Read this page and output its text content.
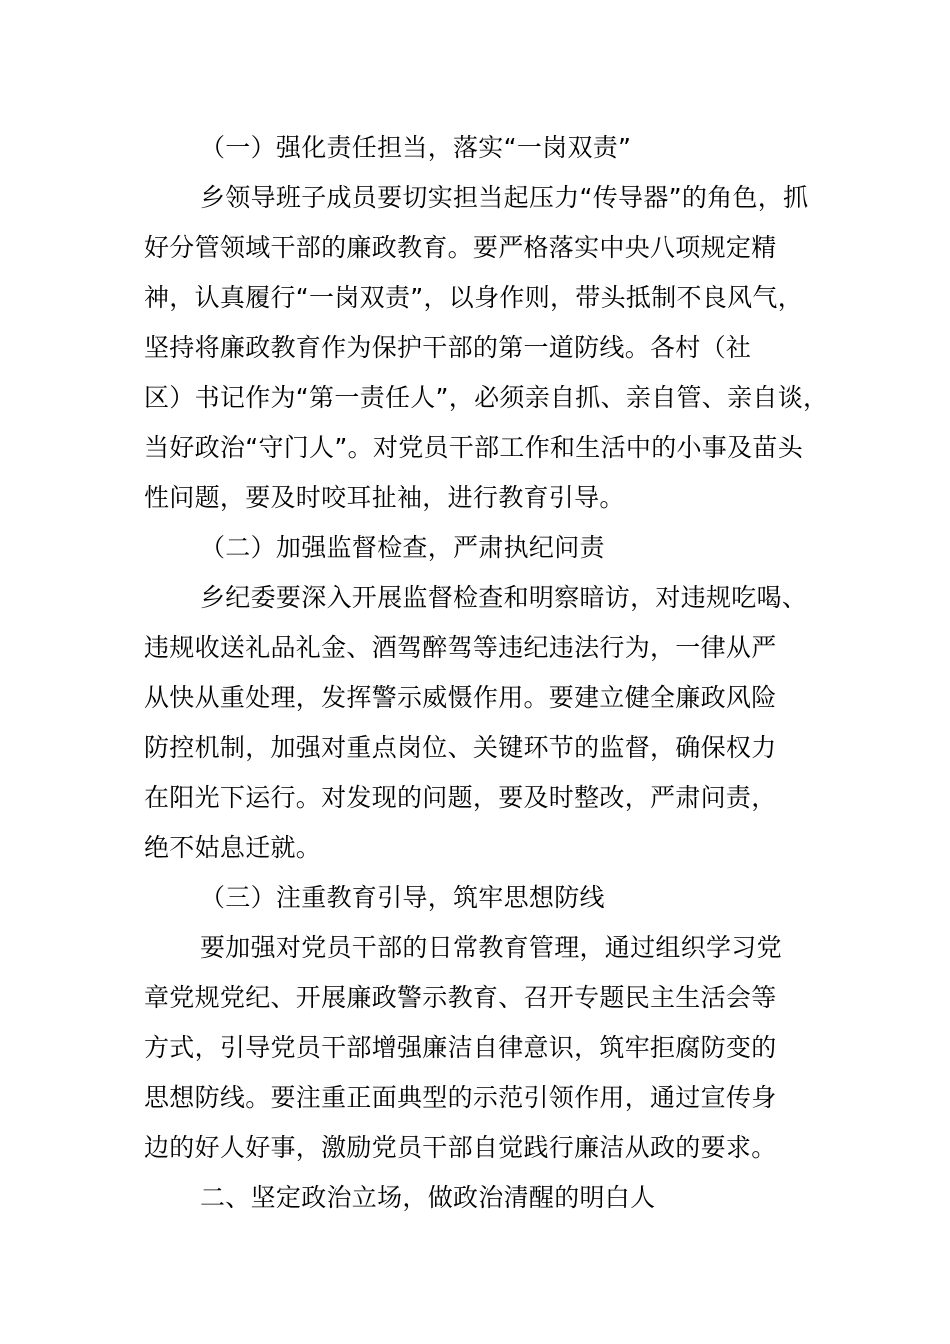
（一）强化责任担当，落实“一岗双责”
乡领导班子成员要切实担当起压力“传导器”的角色，抓
好分管领域干部的廉政教育。要严格落实中央八项规定精
神，认真履行“一岗双责”，以身作则，带头抵制不良风气，
坚持将廉政教育作为保护干部的第一道防线。各村（社
区）书记作为“第一责任人”，必须亲自抓、亲自管、亲自谈，
当好政治“守门人”。对党员干部工作和生活中的小事及苗头
性问题，要及时咬耳扯袖，进行教育引导。
（二）加强监督检查，严肃执纪问责
乡纪委要深入开展监督检查和明察暗访，对违规吃喝、
违规收送礼品礼金、酒驾醉驾等违纪违法行为，一律从严
从快从重处理，发挥警示威慑作用。要建立健全廉政风险
防控机制，加强对重点岗位、关键环节的监督，确保权力
在阳光下运行。对发现的问题，要及时整改，严肃问责，
绝不姑息迁就。
（三）注重教育引导，筑牢思想防线
要加强对党员干部的日常教育管理，通过组织学习党
章党规党纪、开展廉政警示教育、召开专题民主生活会等
方式，引导党员干部增强廉洁自律意识，筑牢拒腐防变的
思想防线。要注重正面典型的示范引领作用，通过宣传身
边的好人好事，激励党员干部自觉践行廉洁从政的要求。
二、坚定政治立场，做政治清醒的明白人
